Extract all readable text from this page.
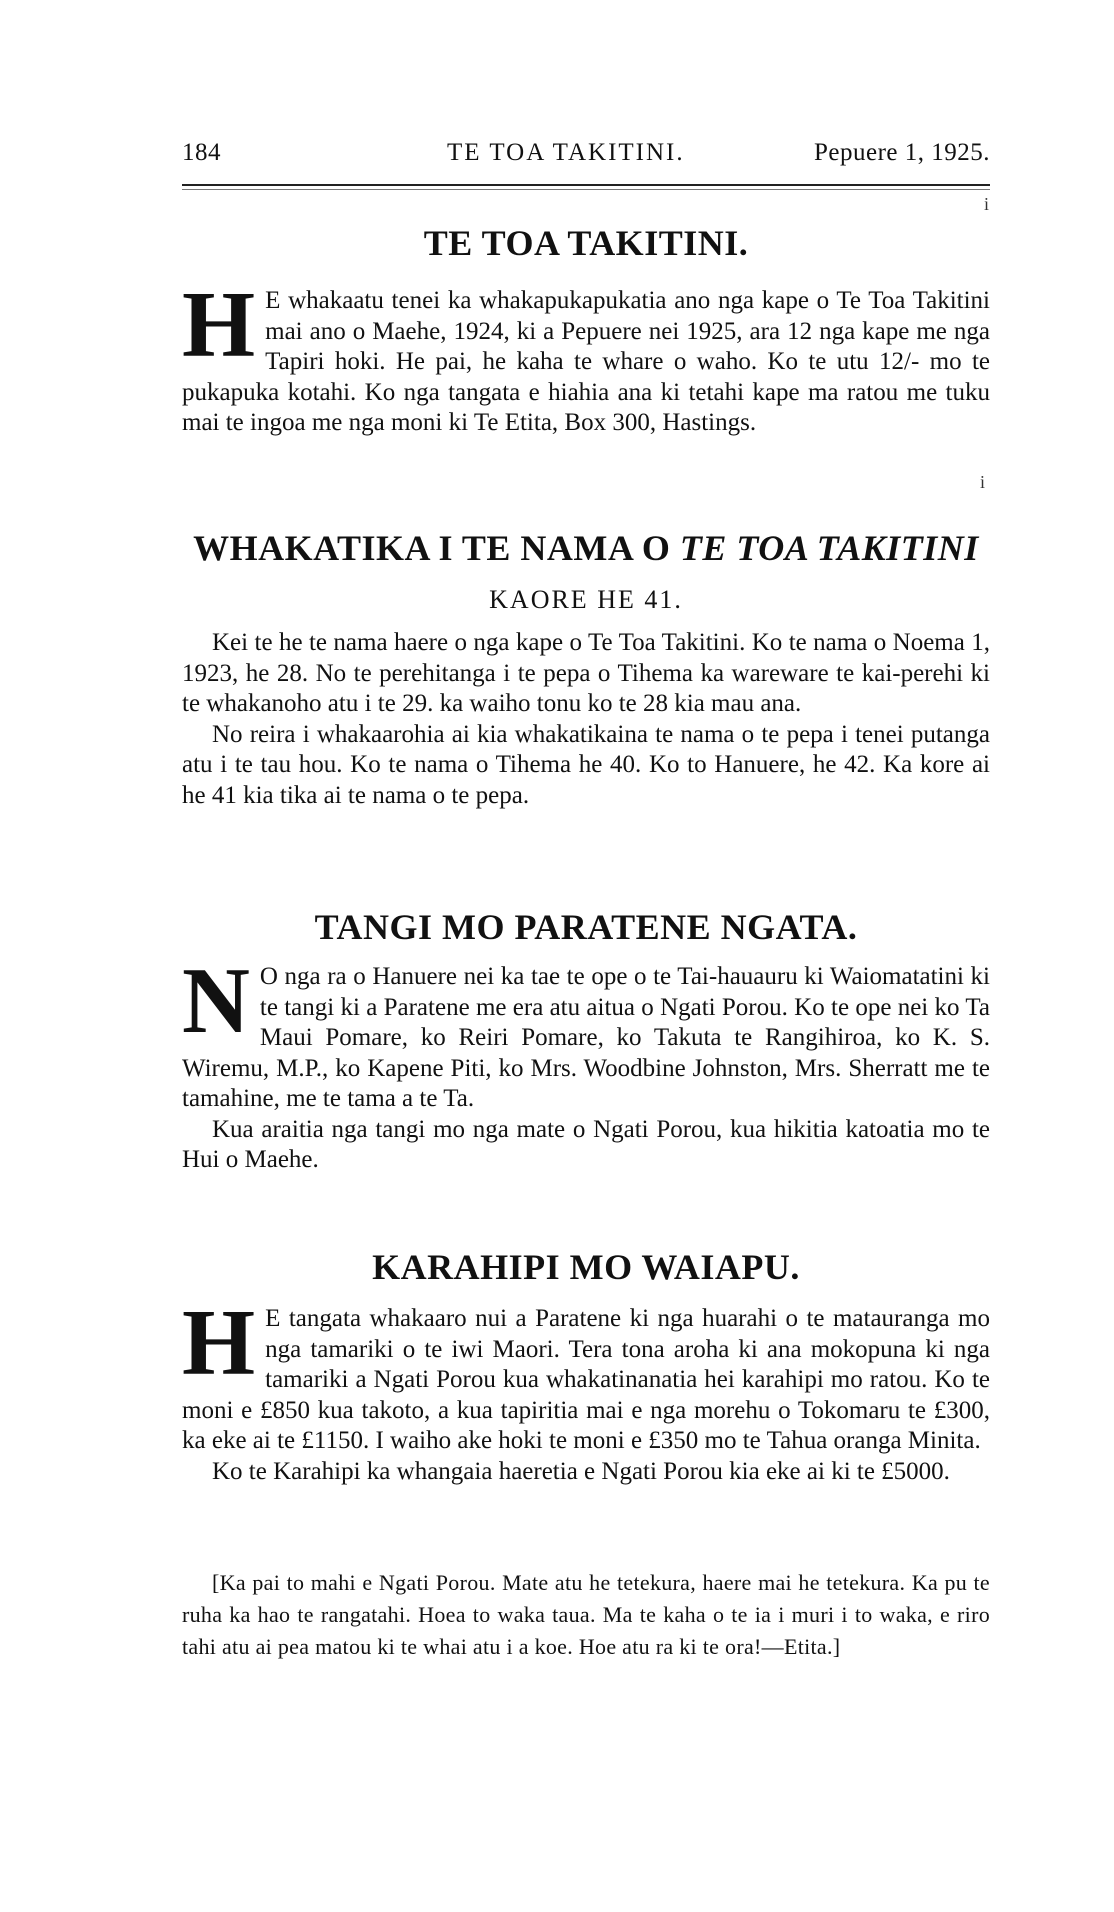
184	TE TOA TAKITINI.	Pepuere 1, 1925.
i
TE TOA TAKITINI.
H E whakaatu tenei ka whakapukapukatia ano nga kape o Te Toa Takitini mai ano o Maehe, 1924, ki a Pepuere nei 1925, ara 12 nga kape me nga Tapiri hoki. He pai, he kaha te whare o waho. Ko te utu 12/- mo te pukapuka kotahi. Ko nga tangata e hiahia ana ki tetahi kape ma ratou me tuku mai te ingoa me nga moni ki Te Etita, Box 300, Hastings.

i
WHAKATIKA I TE NAMA O TE TOA TAKITINI
KAORE HE 41.

Kei te he te nama haere o nga kape o Te Toa Takitini. Ko te nama o Noema 1, 1923, he 28. No te perehitanga i te pepa o Tihema ka wareware te kai-perehi ki te whakanoho atu i te 29. ka waiho tonu ko te 28 kia mau ana.

No reira i whakaarohia ai kia whakatikaina te nama o te pepa i tenei putanga atu i te tau hou. Ko te nama o Tihema he 40. Ko to Hanuere, he 42. Ka kore ai he 41 kia tika ai te nama o te pepa.

TANGI MO PARATENE NGATA.
N O nga ra o Hanuere nei ka tae te ope o te Tai-hauauru ki Waiomatatini ki te tangi ki a Paratene me era atu aitua o Ngati Porou. Ko te ope nei ko Ta Maui Pomare, ko Reiri Pomare, ko Takuta te Rangihiroa, ko K. S. Wiremu, M.P., ko Kapene Piti, ko Mrs. Woodbine Johnston, Mrs. Sherratt me te tamahine, me te tama a te Ta.

Kua araitia nga tangi mo nga mate o Ngati Porou, kua hikitia katoatia mo te Hui o Maehe.

KARAHIPI MO WAIAPU.
H E tangata whakaaro nui a Paratene ki nga huarahi o te matauranga mo nga tamariki o te iwi Maori. Tera tona aroha ki ana mokopuna ki nga tamariki a Ngati Porou kua whakatinanatia hei karahipi mo ratou. Ko te moni e £850 kua takoto, a kua tapiritia mai e nga morehu o Tokomaru te £300, ka eke ai te £1150. I waiho ake hoki te moni e £350 mo te Tahua oranga Minita.

Ko te Karahipi ka whangaia haeretia e Ngati Porou kia eke ai ki te £5000.

[Ka pai to mahi e Ngati Porou. Mate atu he tetekura, haere mai he tetekura. Ka pu te ruha ka hao te rangatahi. Hoea to waka taua. Ma te kaha o te ia i muri i to waka, e riro tahi atu ai pea matou ki te whai atu i a koe. Hoe atu ra ki te ora!—Etita.]
